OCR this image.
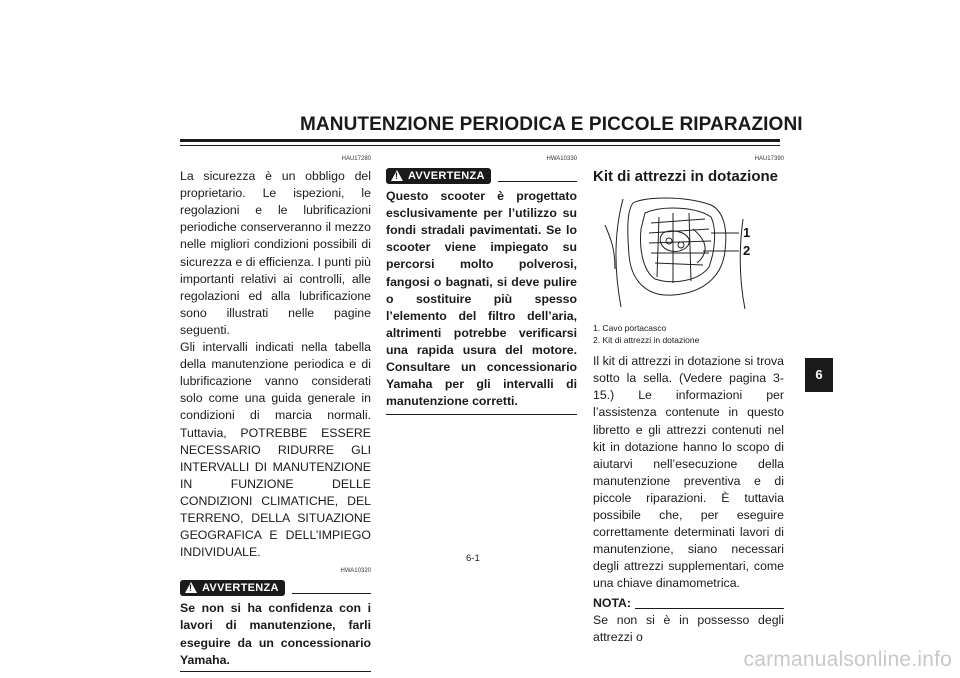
MANUTENZIONE PERIODICA E PICCOLE RIPARAZIONI
HAU17280

La sicurezza è un obbligo del proprietario. Le ispezioni, le regolazioni e le lubrificazioni periodiche conserveranno il mezzo nelle migliori condizioni possibili di sicurezza e di efficienza. I punti più importanti relativi ai controlli, alle regolazioni ed alla lubrificazione sono illustrati nelle pagine seguenti.

Gli intervalli indicati nella tabella della manutenzione periodica e di lubrificazione vanno considerati solo come una guida generale in condizioni di marcia normali. Tuttavia, POTREBBE ESSERE NECESSARIO RIDURRE GLI INTERVALLI DI MANUTENZIONE IN FUNZIONE DELLE CONDIZIONI CLIMATICHE, DEL TERRENO, DELLA SITUAZIONE GEOGRAFICA E DELL’IMPIEGO INDIVIDUALE.

HWA10320
!
AVVERTENZA
Se non si ha confidenza con i lavori di manutenzione, farli eseguire da un concessionario Yamaha.
HWA10330
!
AVVERTENZA
Questo scooter è progettato esclusivamente per l’utilizzo su fondi stradali pavimentati. Se lo scooter viene impiegato su percorsi molto polverosi, fangosi o bagnati, si deve pulire o sostituire più spesso l’elemento del filtro dell’aria, altrimenti potrebbe verificarsi una rapida usura del motore. Consultare un concessionario Yamaha per gli intervalli di manutenzione corretti.
HAU17390
Kit di attrezzi in dotazione
1
2
1. Cavo portacasco
2. Kit di attrezzi in dotazione

Il kit di attrezzi in dotazione si trova sotto la sella. (Vedere pagina 3-15.) Le informazioni per l’assistenza contenute in questo libretto e gli attrezzi contenuti nel kit in dotazione hanno lo scopo di aiutarvi nell’esecuzione della manutenzione preventiva e di piccole riparazioni. È tuttavia possibile che, per eseguire correttamente determinati lavori di manutenzione, siano necessari degli attrezzi supplementari, come una chiave dinamometrica.

NOTA:
Se non si è in possesso degli attrezzi o
6
6-1
carmanualsonline.info
